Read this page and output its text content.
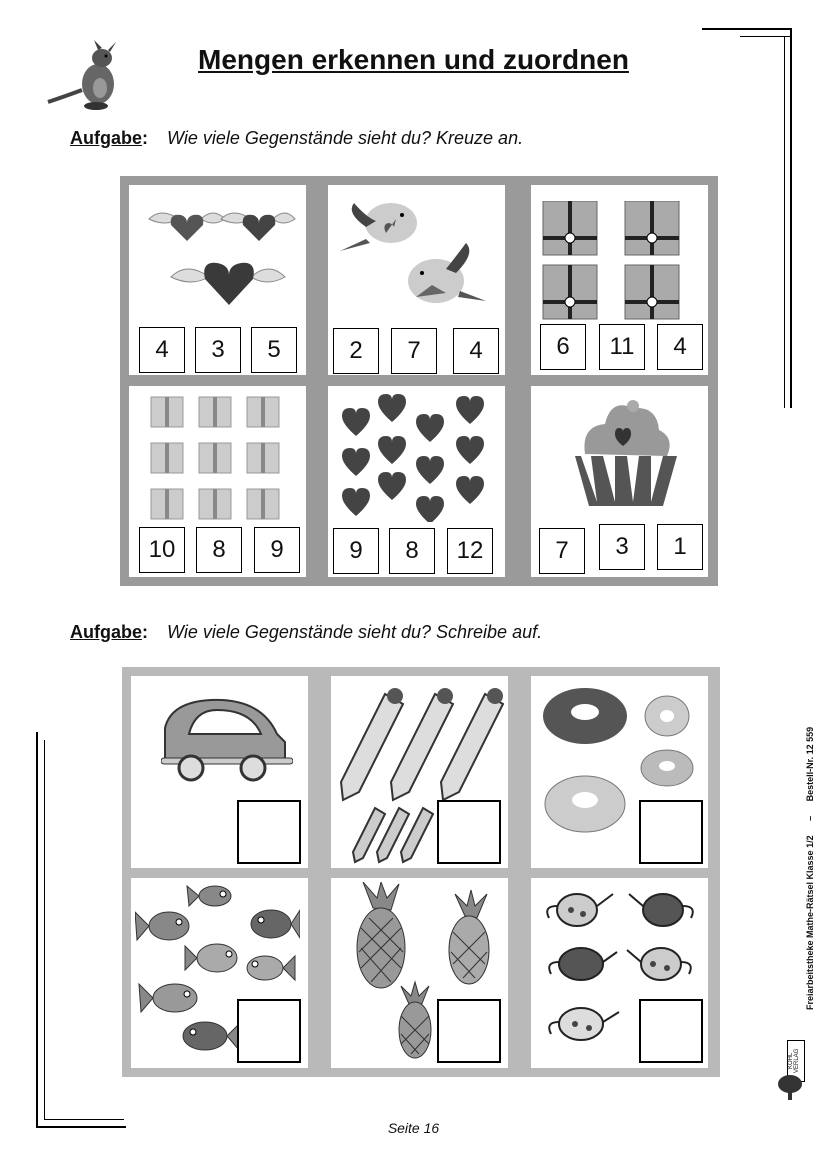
Mengen erkennen und zuordnen
Aufgabe: Wie viele Gegenstände sieht du? Kreuze an.
4	3	5	2	7	4	6	11	4
10	8	9	9	8	12	7	3	1
Aufgabe: Wie viele Gegenstände sieht du? Schreibe auf.
Freiarbeitstheke Mathe-Rätsel Klasse 1/2 – Bestell-Nr. 12 559
KOHL VERLAG
Seite 16
